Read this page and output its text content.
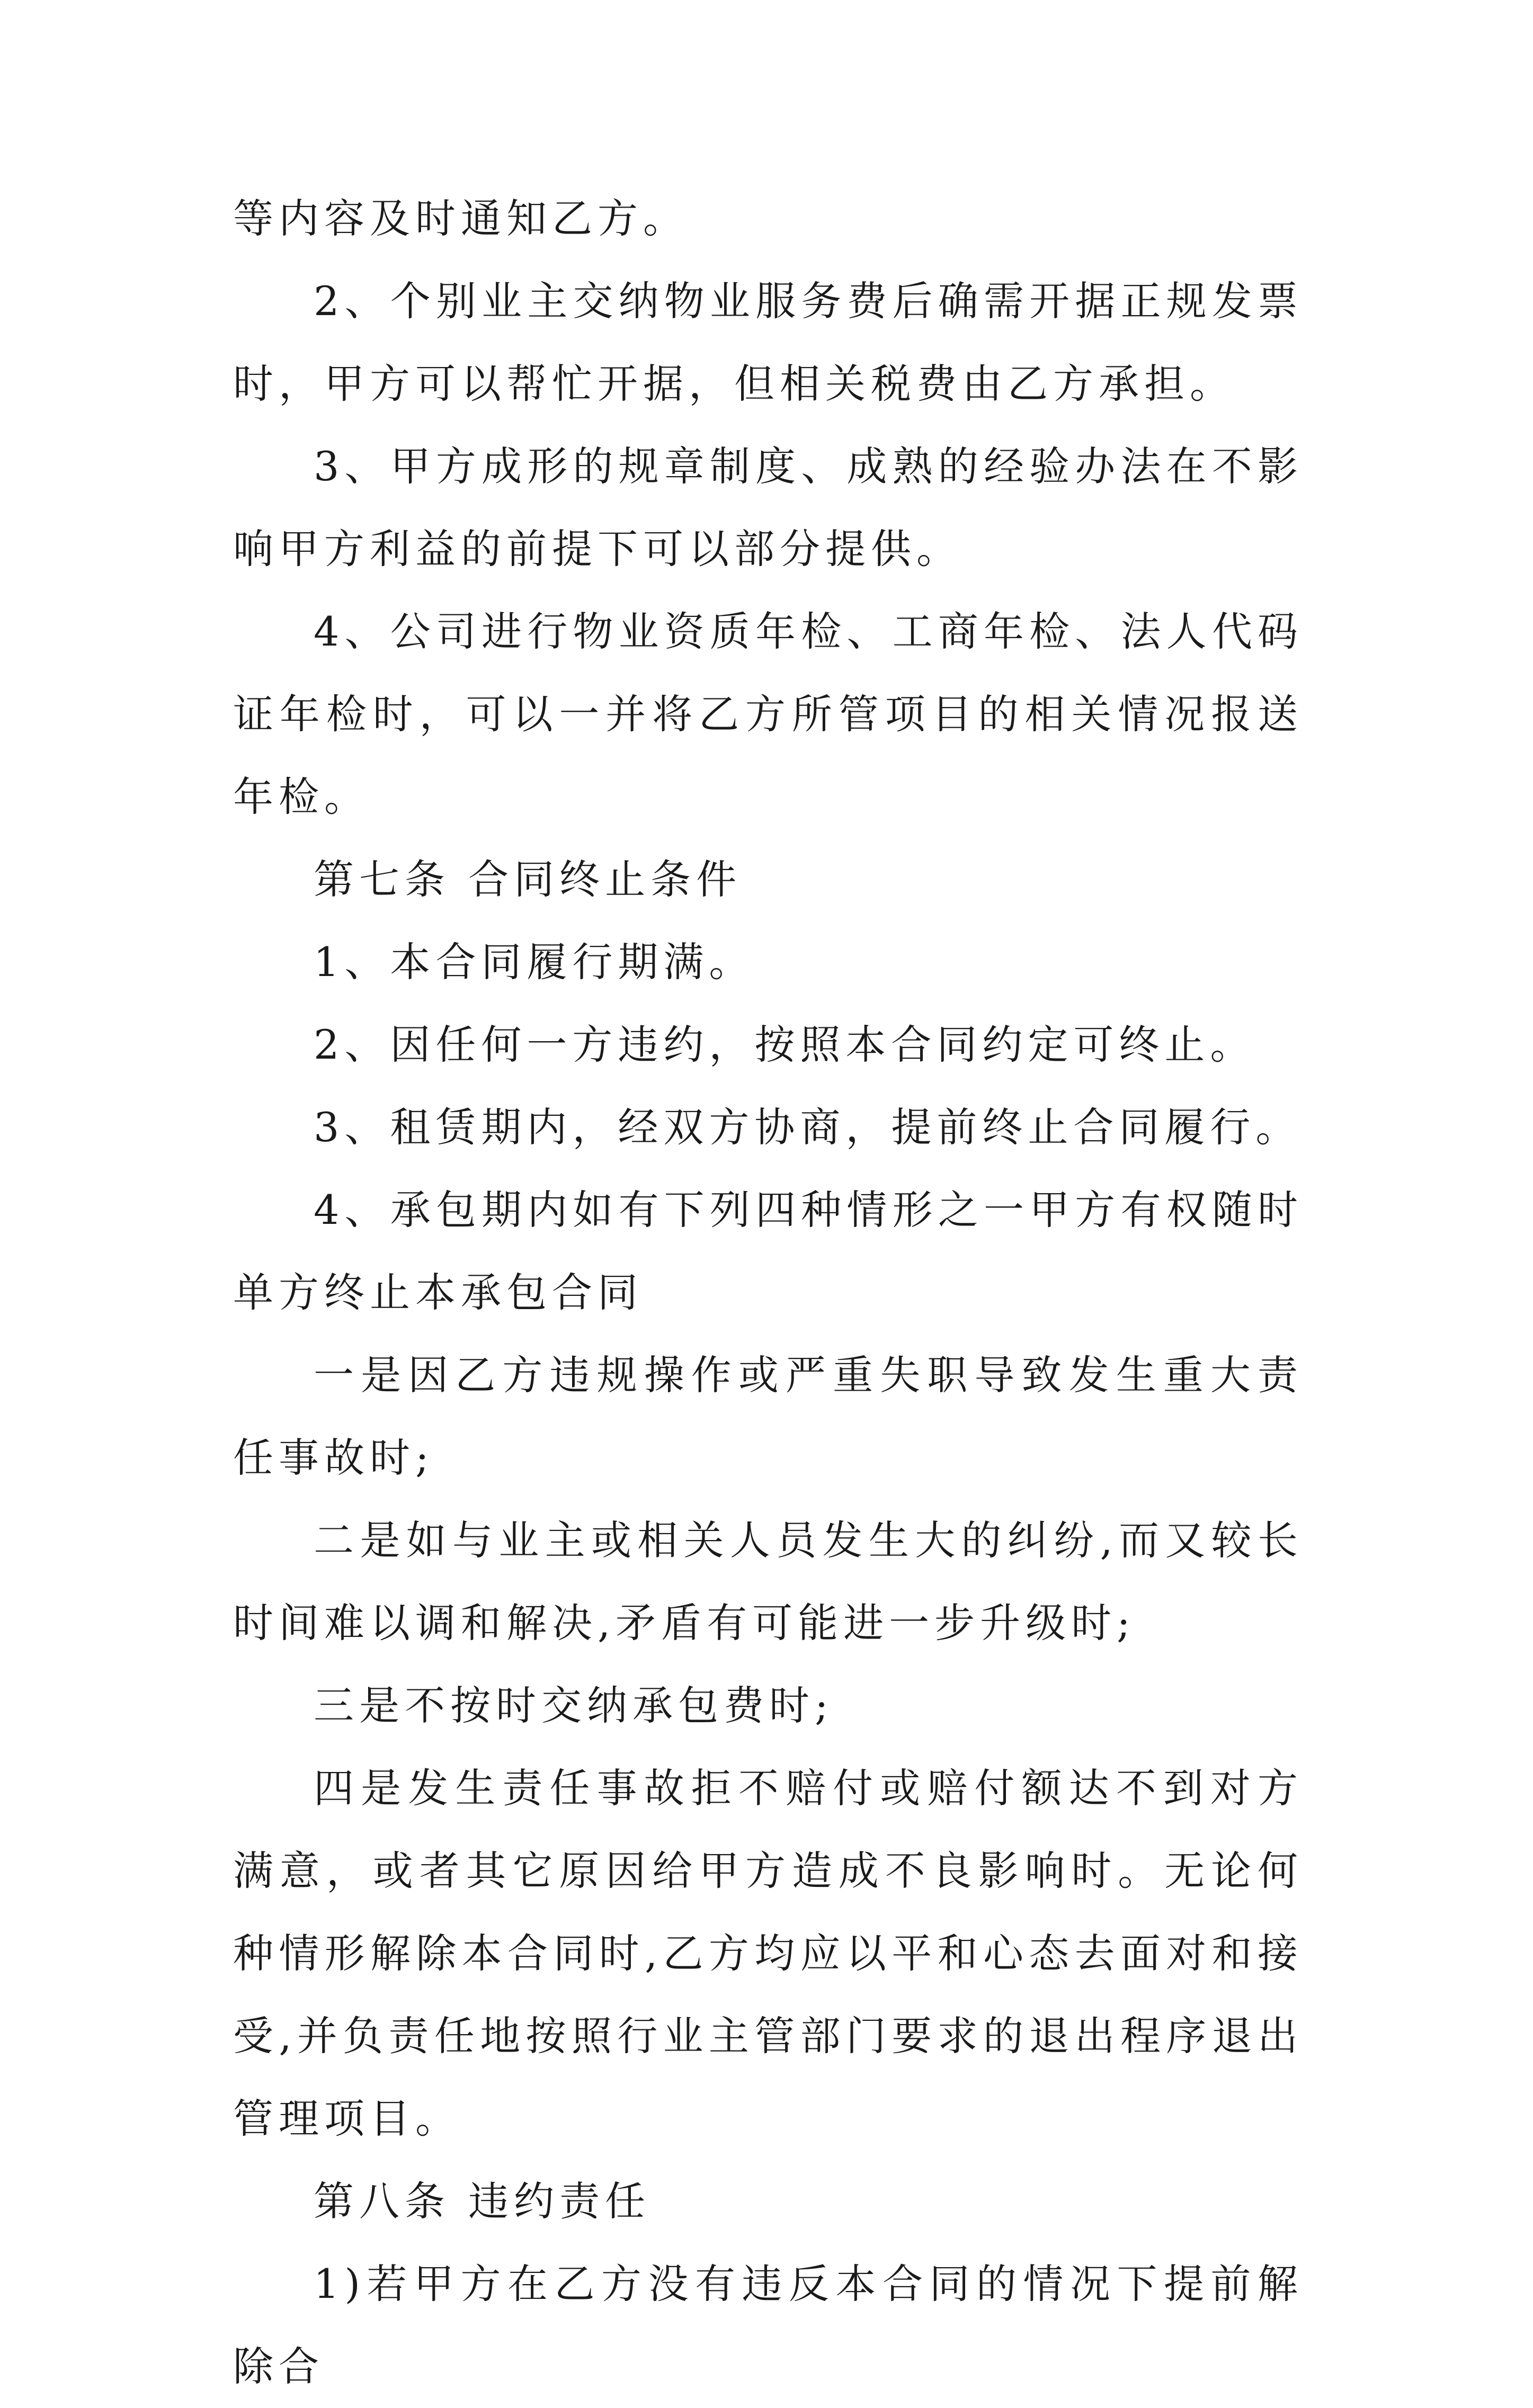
等内容及时通知乙方。

2、个别业主交纳物业服务费后确需开据正规发票时，甲方可以帮忙开据，但相关税费由乙方承担。

3、甲方成形的规章制度、成熟的经验办法在不影响甲方利益的前提下可以部分提供。

4、公司进行物业资质年检、工商年检、法人代码证年检时，可以一并将乙方所管项目的相关情况报送年检。

第七条 合同终止条件

1、本合同履行期满。

2、因任何一方违约，按照本合同约定可终止。

3、租赁期内，经双方协商，提前终止合同履行。

4、承包期内如有下列四种情形之一甲方有权随时单方终止本承包合同

一是因乙方违规操作或严重失职导致发生重大责任事故时;

二是如与业主或相关人员发生大的纠纷,而又较长时间难以调和解决,矛盾有可能进一步升级时;

三是不按时交纳承包费时;

四是发生责任事故拒不赔付或赔付额达不到对方满意，或者其它原因给甲方造成不良影响时。无论何种情形解除本合同时,乙方均应以平和心态去面对和接受,并负责任地按照行业主管部门要求的退出程序退出管理项目。

第八条 违约责任

1)若甲方在乙方没有违反本合同的情况下提前解除合
